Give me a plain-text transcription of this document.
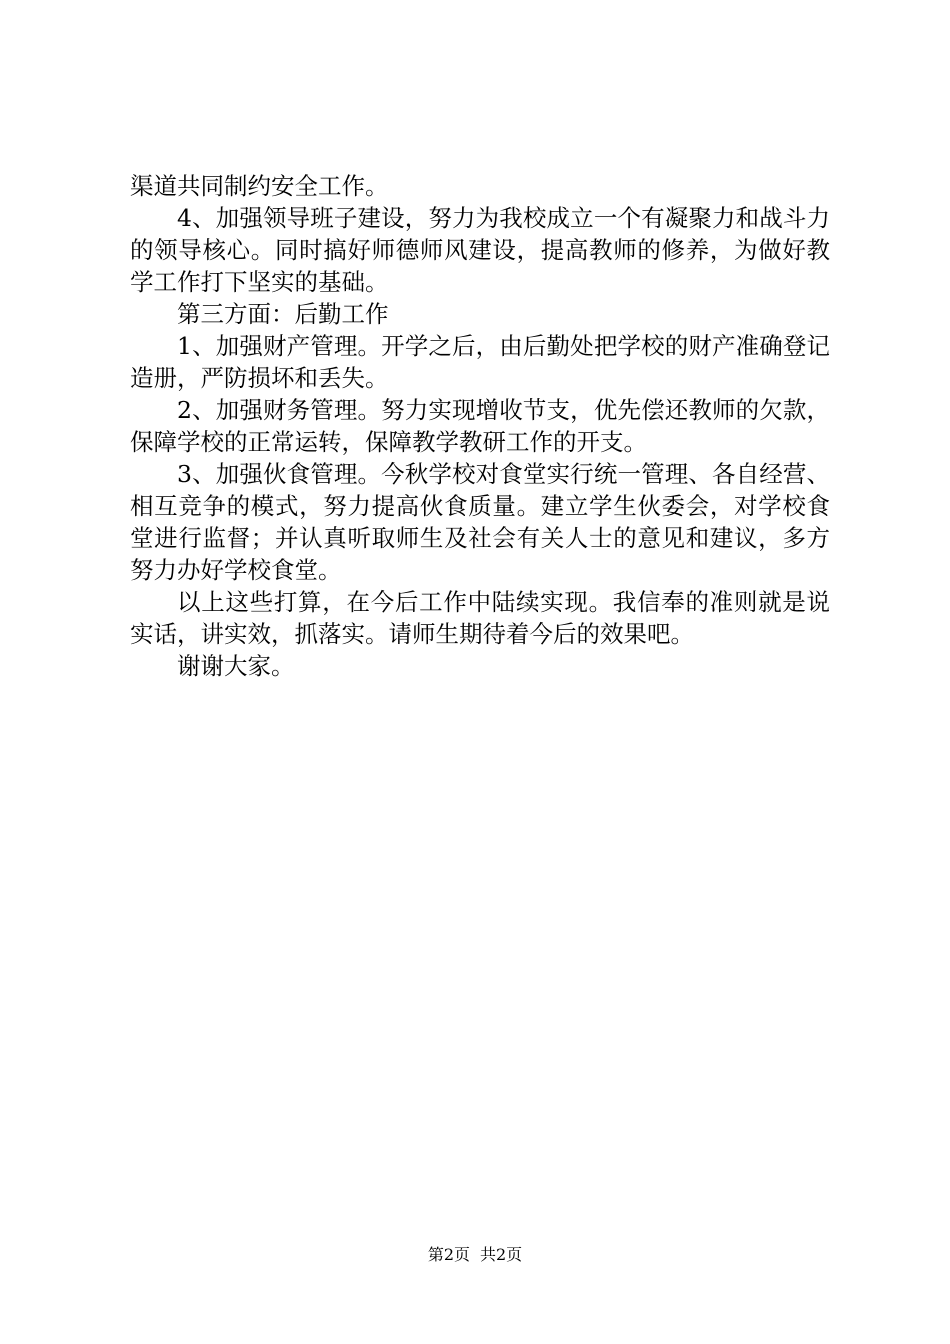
渠道共同制约安全工作。

4、加强领导班子建设，努力为我校成立一个有凝聚力和战斗力的领导核心。同时搞好师德师风建设，提高教师的修养，为做好教学工作打下坚实的基础。

第三方面：后勤工作

1、加强财产管理。开学之后，由后勤处把学校的财产准确登记造册，严防损坏和丢失。

2、加强财务管理。努力实现增收节支，优先偿还教师的欠款，保障学校的正常运转，保障教学教研工作的开支。

3、加强伙食管理。今秋学校对食堂实行统一管理、各自经营、相互竞争的模式，努力提高伙食质量。建立学生伙委会，对学校食堂进行监督；并认真听取师生及社会有关人士的意见和建议，多方努力办好学校食堂。

以上这些打算，在今后工作中陆续实现。我信奉的准则就是说实话，讲实效，抓落实。请师生期待着今后的效果吧。

谢谢大家。

第2页 共2页
